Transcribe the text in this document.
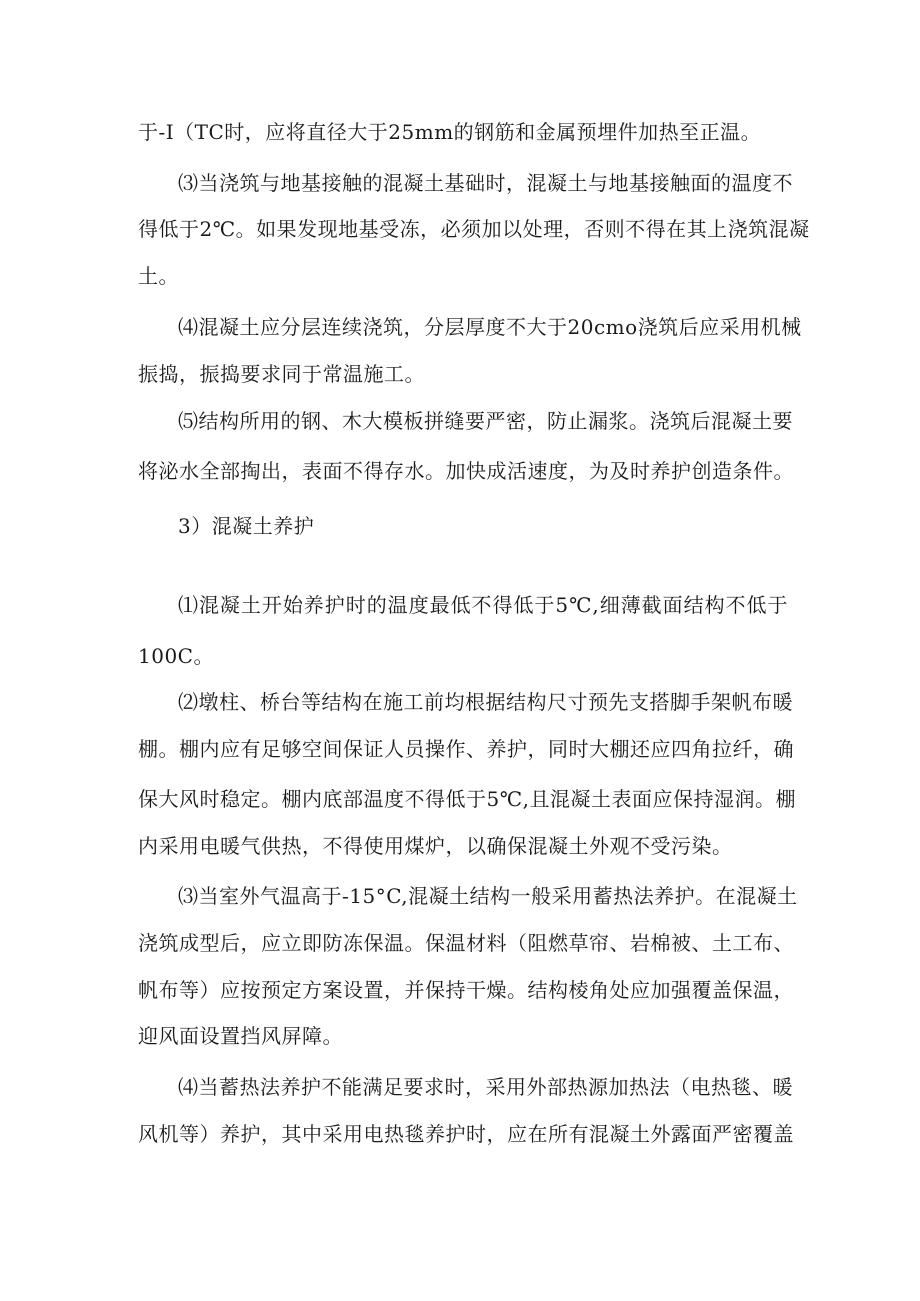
于-I（TC时，应将直径大于25mm的钢筋和金属预埋件加热至正温。
⑶当浇筑与地基接触的混凝土基础时，混凝土与地基接触面的温度不
得低于2℃。如果发现地基受冻，必须加以处理，否则不得在其上浇筑混凝
土。
⑷混凝土应分层连续浇筑，分层厚度不大于20cmo浇筑后应采用机械
振捣，振捣要求同于常温施工。
⑸结构所用的钢、木大模板拼缝要严密，防止漏浆。浇筑后混凝土要
将泌水全部掏出，表面不得存水。加快成活速度，为及时养护创造条件。
3）混凝土养护
⑴混凝土开始养护时的温度最低不得低于5℃,细薄截面结构不低于
100C。
⑵墩柱、桥台等结构在施工前均根据结构尺寸预先支搭脚手架帆布暖
棚。棚内应有足够空间保证人员操作、养护，同时大棚还应四角拉纤，确
保大风时稳定。棚内底部温度不得低于5℃,且混凝土表面应保持湿润。棚
内采用电暖气供热，不得使用煤炉，以确保混凝土外观不受污染。
⑶当室外气温高于-15°C,混凝土结构一般采用蓄热法养护。在混凝土
浇筑成型后，应立即防冻保温。保温材料（阻燃草帘、岩棉被、土工布、
帆布等）应按预定方案设置，并保持干燥。结构棱角处应加强覆盖保温，
迎风面设置挡风屏障。
⑷当蓄热法养护不能满足要求时，采用外部热源加热法（电热毯、暖
风机等）养护，其中采用电热毯养护时，应在所有混凝土外露面严密覆盖
